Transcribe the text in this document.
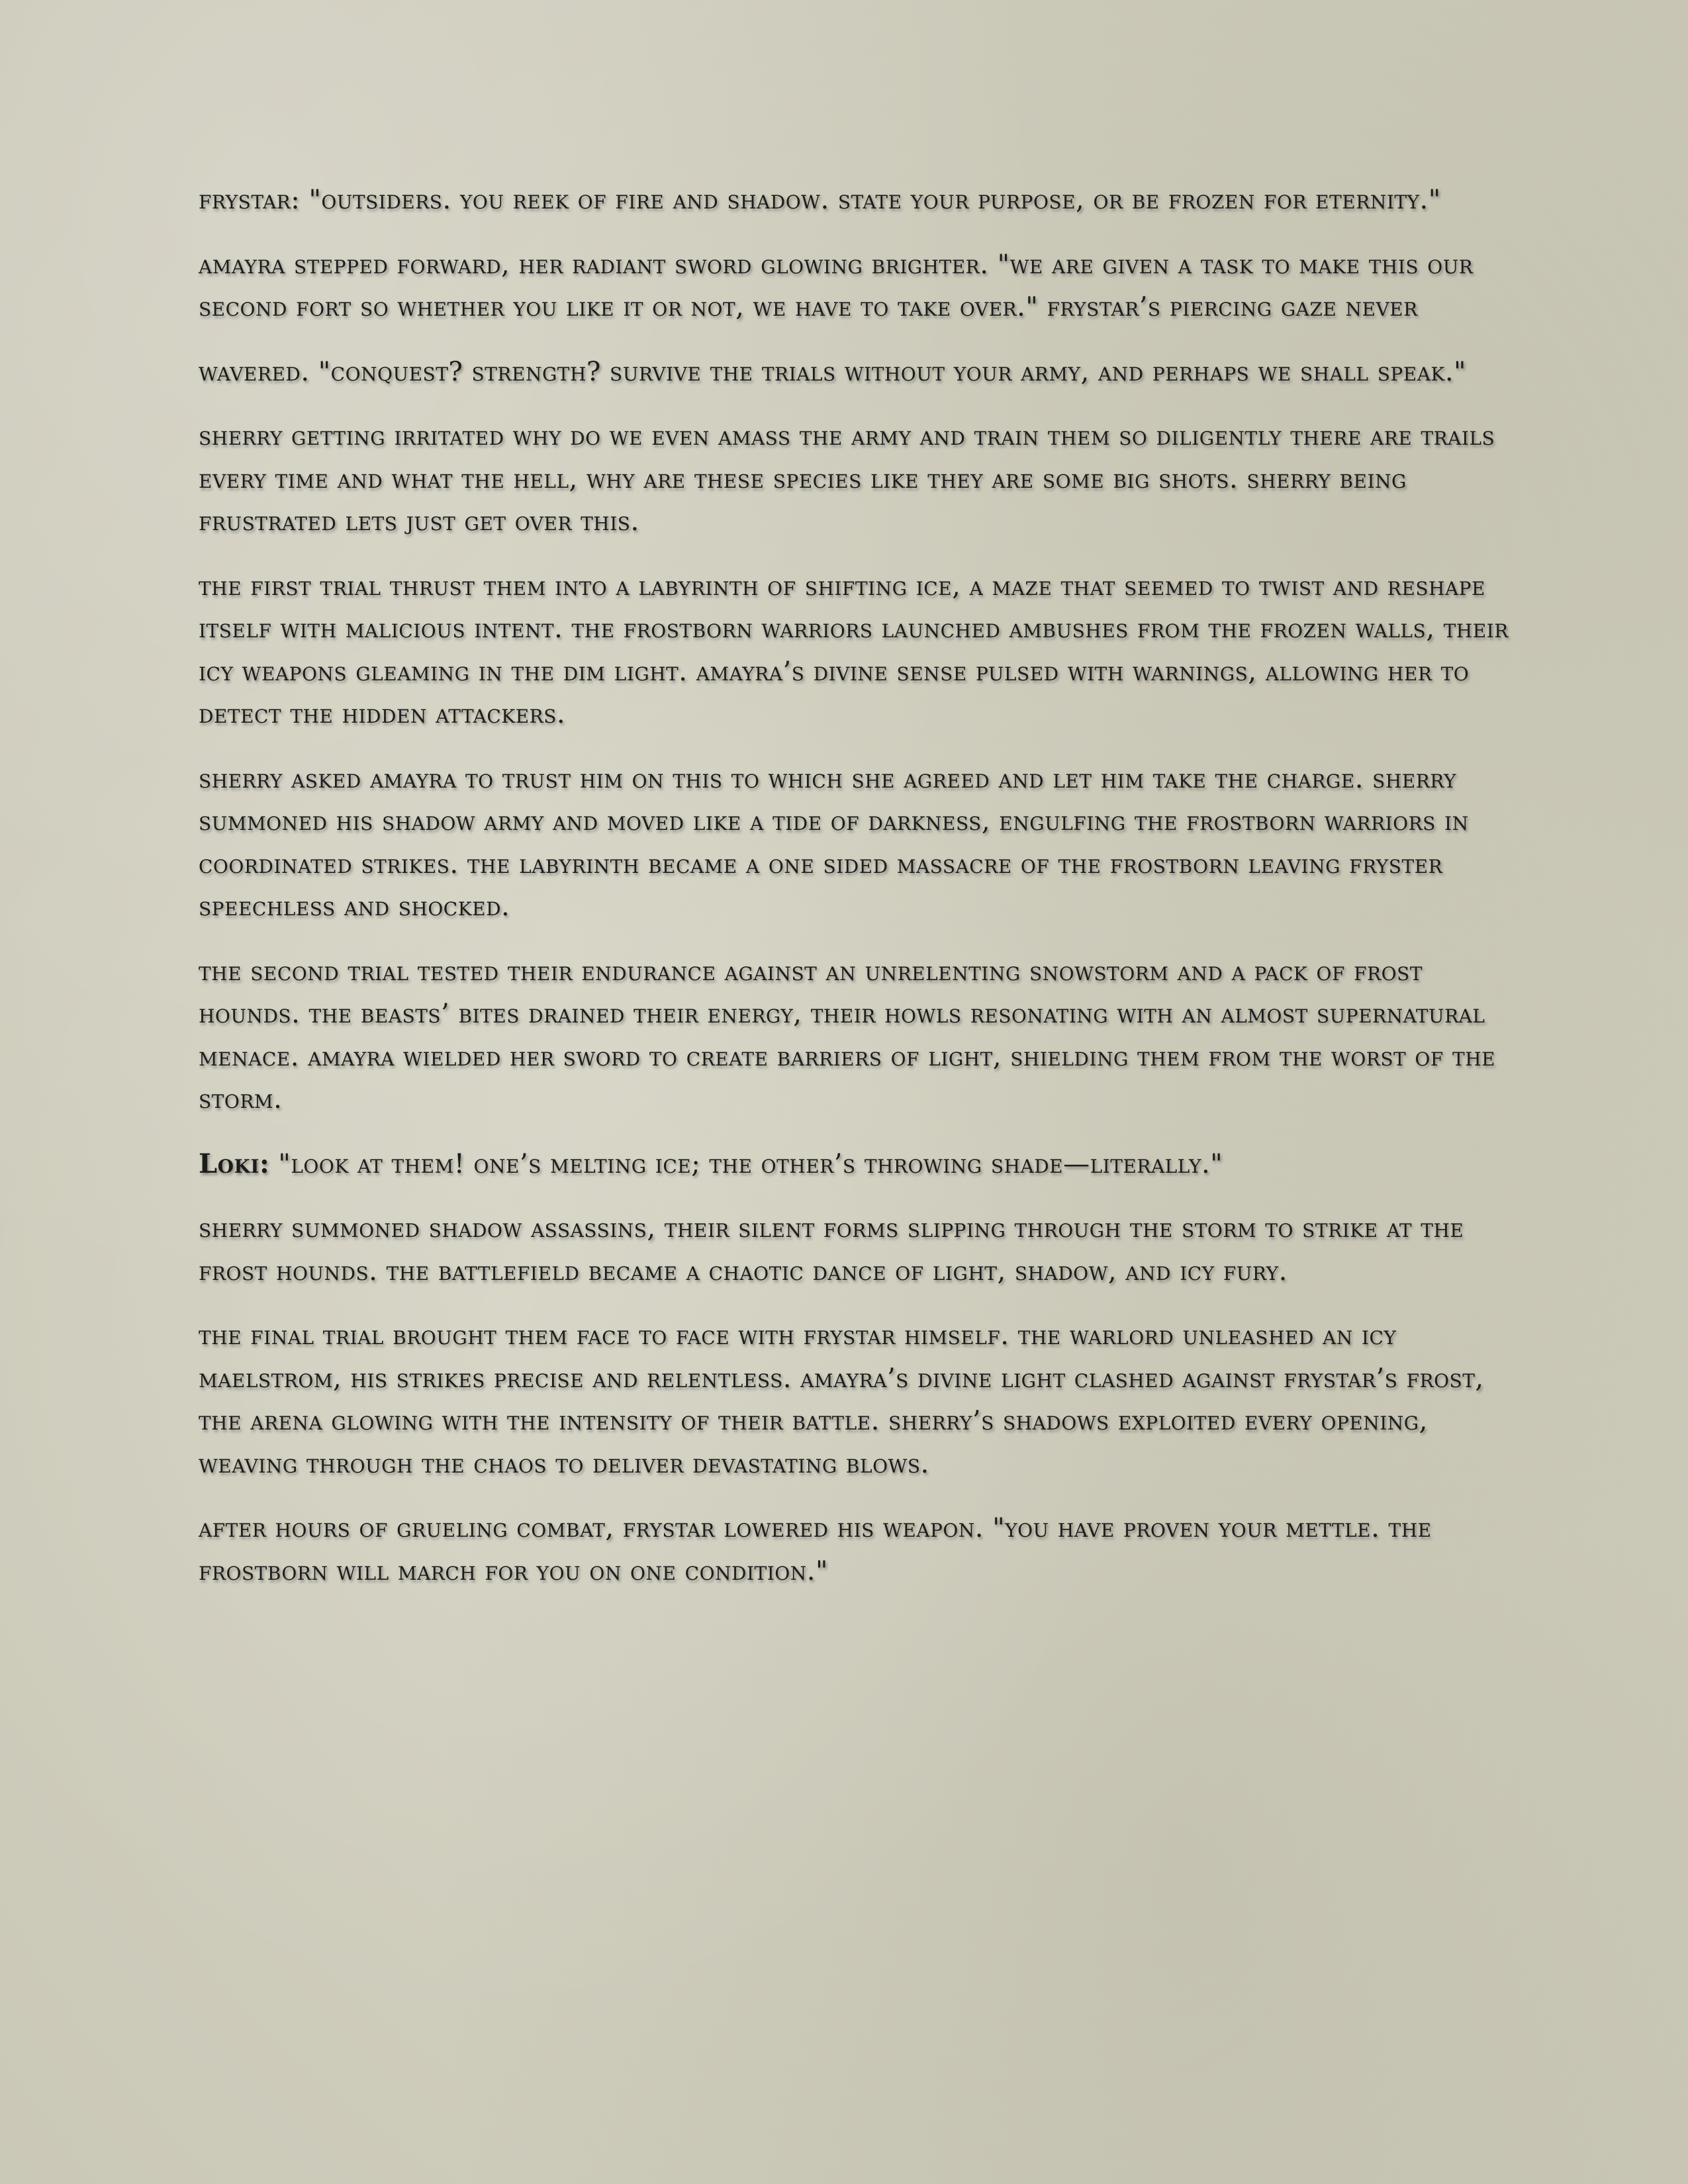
frystar: "outsiders. you reek of fire and shadow. state your purpose, or be frozen for eternity."

amayra stepped forward, her radiant sword glowing brighter. "we are given a task to make this our second fort so whether you like it or not, we have to take over." frystar’s piercing gaze never

wavered. "conquest? strength? survive the trials without your army, and perhaps we shall speak."

sherry getting irritated why do we even amass the army and train them so diligently there are trails every time and what the hell, why are these species like they are some big shots. sherry being frustrated lets just get over this.

the first trial thrust them into a labyrinth of shifting ice, a maze that seemed to twist and reshape itself with malicious intent. the frostborn warriors launched ambushes from the frozen walls, their icy weapons gleaming in the dim light. amayra’s divine sense pulsed with warnings, allowing her to detect the hidden attackers.

sherry asked amayra to trust him on this to which she agreed and let him take the charge. sherry summoned his shadow army and moved like a tide of darkness, engulfing the frostborn warriors in coordinated strikes. the labyrinth became a one sided massacre of the frostborn leaving fryster speechless and shocked.

the second trial tested their endurance against an unrelenting snowstorm and a pack of frost hounds. the beasts’ bites drained their energy, their howls resonating with an almost supernatural menace. amayra wielded her sword to create barriers of light, shielding them from the worst of the storm.

Loki: "look at them! one’s melting ice; the other’s throwing shade—literally."

sherry summoned shadow assassins, their silent forms slipping through the storm to strike at the frost hounds. the battlefield became a chaotic dance of light, shadow, and icy fury.

the final trial brought them face to face with frystar himself. the warlord unleashed an icy maelstrom, his strikes precise and relentless. amayra’s divine light clashed against frystar’s frost, the arena glowing with the intensity of their battle. sherry’s shadows exploited every opening, weaving through the chaos to deliver devastating blows.

after hours of grueling combat, frystar lowered his weapon. "you have proven your mettle. the frostborn will march for you on one condition."
